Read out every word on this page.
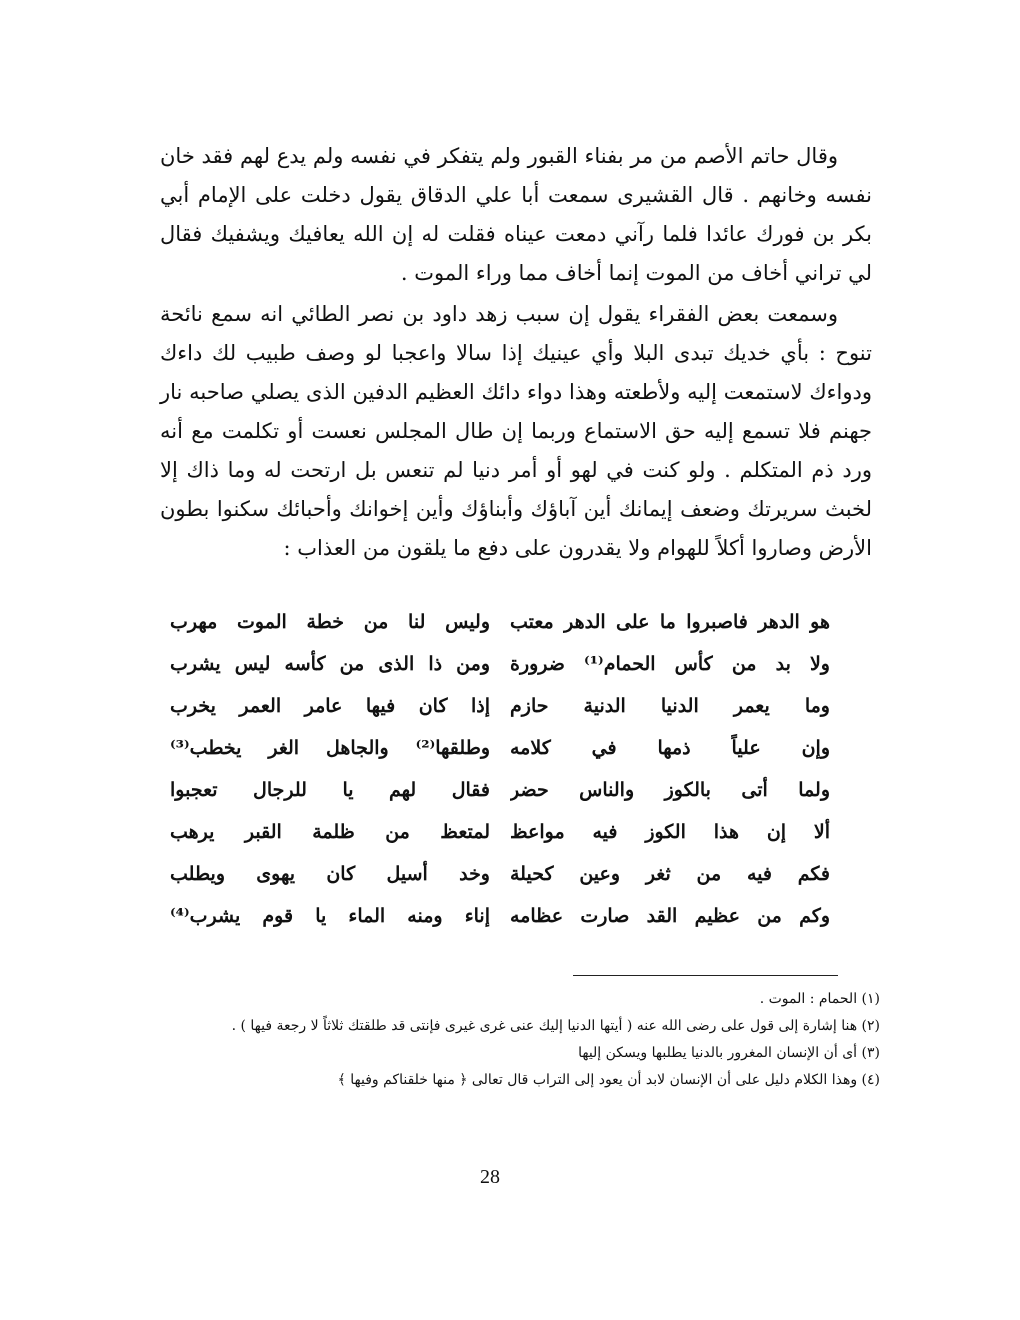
وقال حاتم الأصم من مر بفناء القبور ولم يتفكر في نفسه ولم يدع لهم فقد خان نفسه وخانهم . قال القشيرى سمعت أبا علي الدقاق يقول دخلت على الإمام أبي بكر بن فورك عائدا فلما رآني دمعت عيناه فقلت له إن الله يعافيك ويشفيك فقال لي تراني أخاف من الموت إنما أخاف مما وراء الموت .

وسمعت بعض الفقراء يقول إن سبب زهد داود بن نصر الطائي انه سمع نائحة تنوح : بأي خديك تبدى البلا وأي عينيك إذا سالا واعجبا لو وصف طبيب لك داءك ودواءك لاستمعت إليه ولأطعته وهذا دواء دائك العظيم الدفين الذى يصلي صاحبه نار جهنم فلا تسمع إليه حق الاستماع وربما إن طال المجلس نعست أو تكلمت مع أنه ورد ذم المتكلم . ولو كنت في لهو أو أمر دنيا لم تنعس بل ارتحت له وما ذاك إلا لخبث سريرتك وضعف إيمانك أين آباؤك وأبناؤك وأين إخوانك وأحبائك سكنوا بطون الأرض وصاروا أكلاً للهوام ولا يقدرون على دفع ما يلقون من العذاب :

هو الدهر فاصبروا ما على الدهر معتب
وليس لنا من خطة الموت مهرب
ولا بد من كأس الحمام⁽¹⁾ ضرورة
ومن ذا الذى من كأسه ليس يشرب
وما يعمر الدنيا الدنية حازم
إذا كان فيها عامر العمر يخرب
وإن علياً ذمها في كلامه
وطلقها⁽²⁾ والجاهل الغر يخطب⁽³⁾
ولما أتى بالكوز والناس حضر
فقال لهم يا للرجال تعجبوا
ألا إن هذا الكوز فيه مواعظ
لمتعظ من ظلمة القبر يرهب
فكم فيه من ثغر وعين كحيلة
وخد أسيل كان يهوى ويطلب
وكم من عظيم القد صارت عظامه
إناء ومنه الماء يا قوم يشرب⁽⁴⁾

(١) الحمام : الموت .

(٢) هنا إشارة إلى قول على رضى الله عنه ( أيتها الدنيا إليك عنى غرى غيرى فإنتى قد طلقتك ثلاثاً لا رجعة فيها ) .

(٣) أى أن الإنسان المغرور بالدنيا يطلبها ويسكن إليها

(٤) وهذا الكلام دليل على أن الإنسان لابد أن يعود إلى التراب قال تعالى ﴿ منها خلقناكم وفيها ﴾

28
